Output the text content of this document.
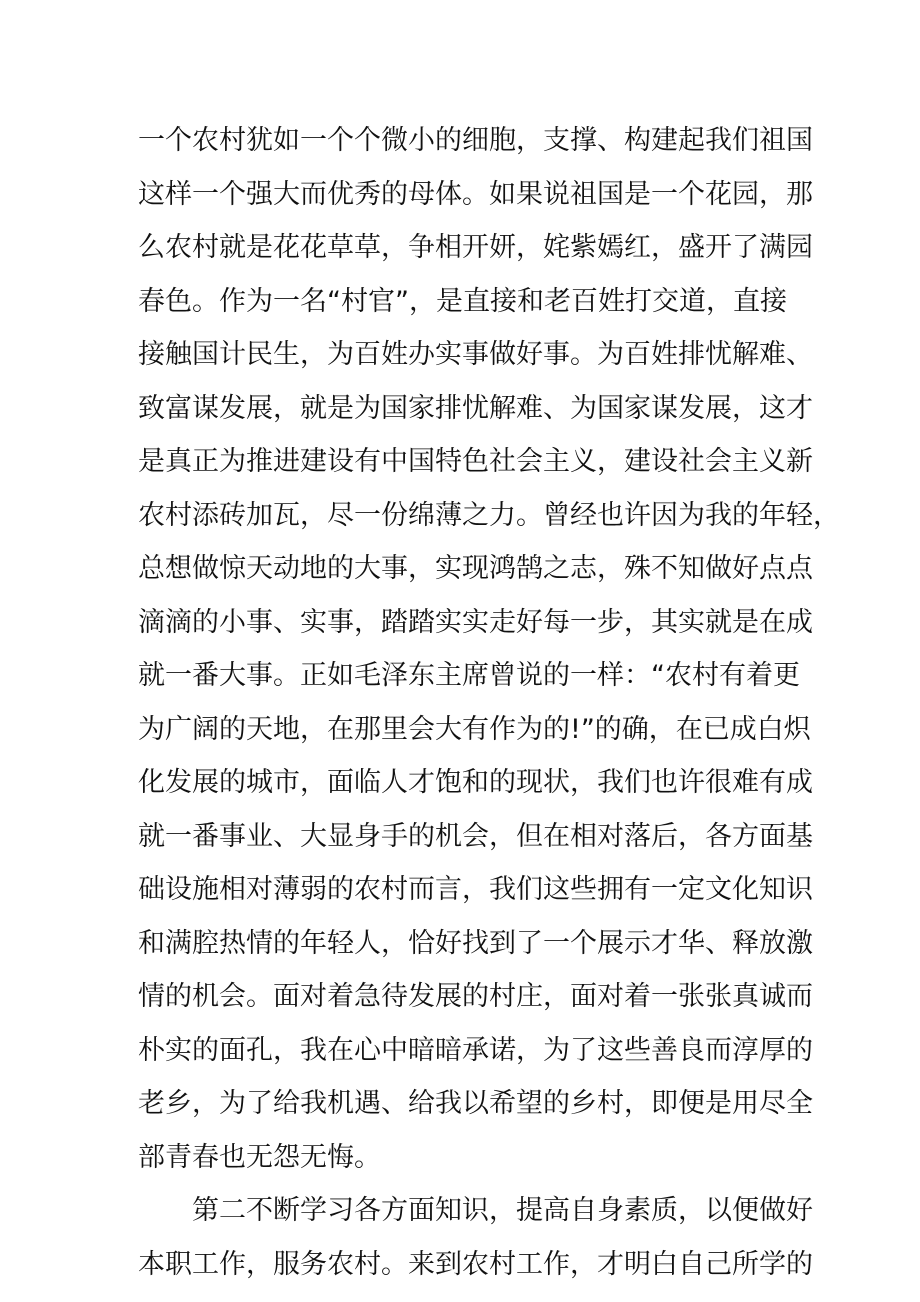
一个农村犹如一个个微小的细胞，支撑、构建起我们祖国
这样一个强大而优秀的母体。如果说祖国是一个花园，那
么农村就是花花草草，争相开妍，姹紫嫣红，盛开了满园
春色。作为一名“村官”，是直接和老百姓打交道，直接
接触国计民生，为百姓办实事做好事。为百姓排忧解难、
致富谋发展，就是为国家排忧解难、为国家谋发展，这才
是真正为推进建设有中国特色社会主义，建设社会主义新
农村添砖加瓦，尽一份绵薄之力。曾经也许因为我的年轻，
总想做惊天动地的大事，实现鸿鹄之志，殊不知做好点点
滴滴的小事、实事，踏踏实实走好每一步，其实就是在成
就一番大事。正如毛泽东主席曾说的一样：“农村有着更
为广阔的天地，在那里会大有作为的!”的确，在已成白炽
化发展的城市，面临人才饱和的现状，我们也许很难有成
就一番事业、大显身手的机会，但在相对落后，各方面基
础设施相对薄弱的农村而言，我们这些拥有一定文化知识
和满腔热情的年轻人，恰好找到了一个展示才华、释放激
情的机会。面对着急待发展的村庄，面对着一张张真诚而
朴实的面孔，我在心中暗暗承诺，为了这些善良而淳厚的
老乡，为了给我机遇、给我以希望的乡村，即便是用尽全
部青春也无怨无悔。
　　第二不断学习各方面知识，提高自身素质，以便做好
本职工作，服务农村。来到农村工作，才明白自己所学的
